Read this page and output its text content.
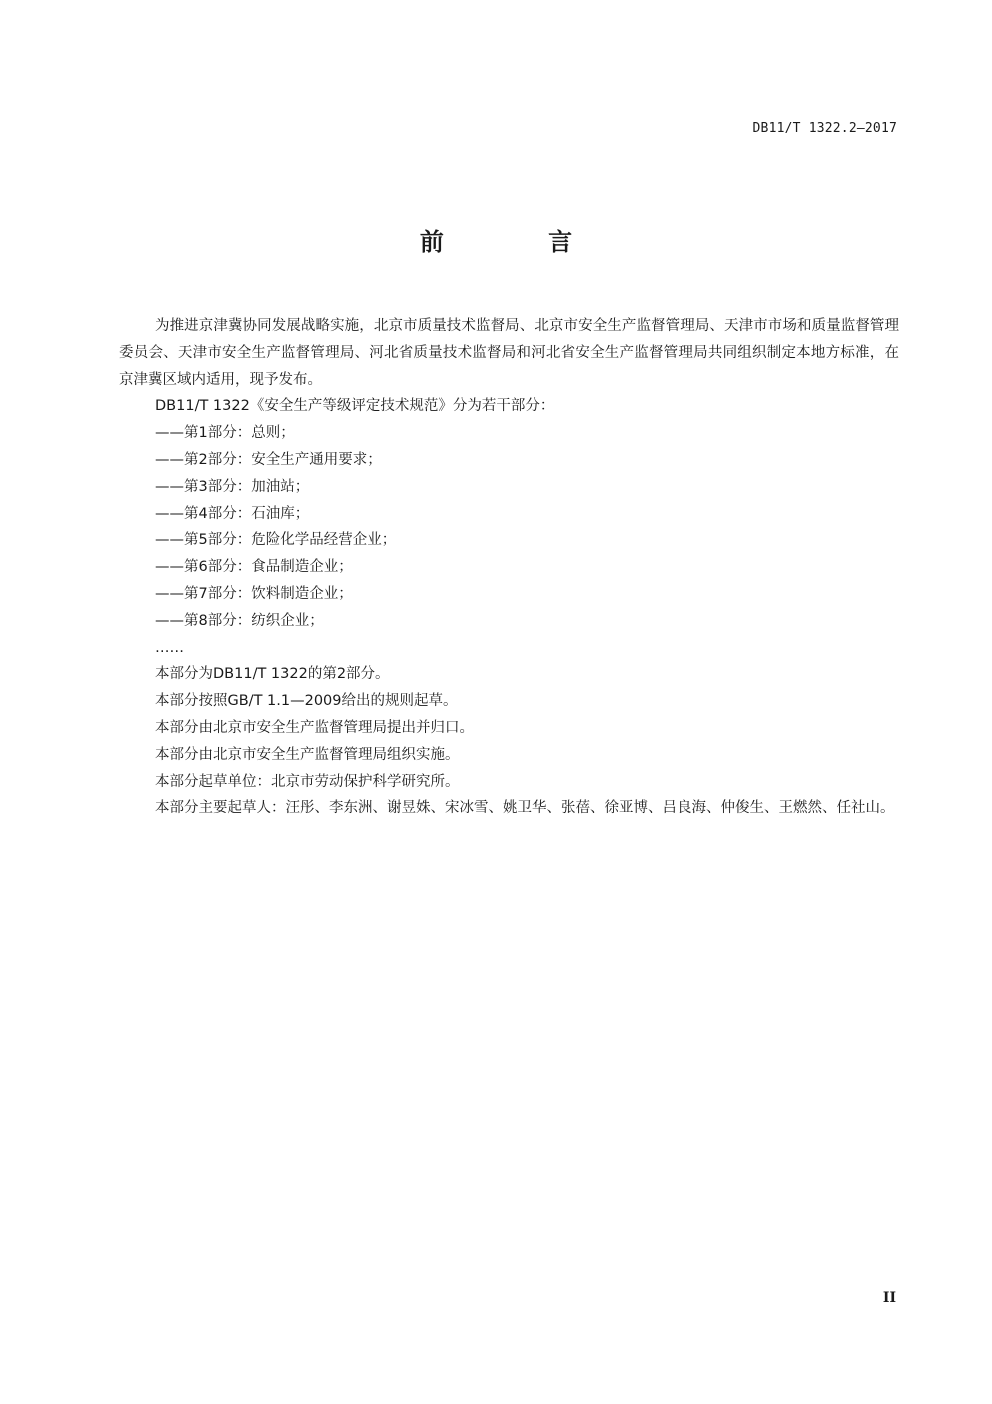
DB11/T 1322.2—2017
前 言

为推进京津冀协同发展战略实施，北京市质量技术监督局、北京市安全生产监督管理局、天津市市场和质量监督管理委员会、天津市安全生产监督管理局、河北省质量技术监督局和河北省安全生产监督管理局共同组织制定本地方标准，在京津冀区域内适用，现予发布。

DB11/T 1322《安全生产等级评定技术规范》分为若干部分：

——第1部分：总则；
——第2部分：安全生产通用要求；
——第3部分：加油站；
——第4部分：石油库；
——第5部分：危险化学品经营企业；
——第6部分：食品制造企业；
——第7部分：饮料制造企业；
——第8部分：纺织企业；
……

本部分为DB11/T 1322的第2部分。

本部分按照GB/T 1.1—2009给出的规则起草。

本部分由北京市安全生产监督管理局提出并归口。

本部分由北京市安全生产监督管理局组织实施。

本部分起草单位：北京市劳动保护科学研究所。

本部分主要起草人：汪彤、李东洲、谢昱姝、宋冰雪、姚卫华、张蓓、徐亚博、吕良海、仲俊生、王燃然、任社山。

II
